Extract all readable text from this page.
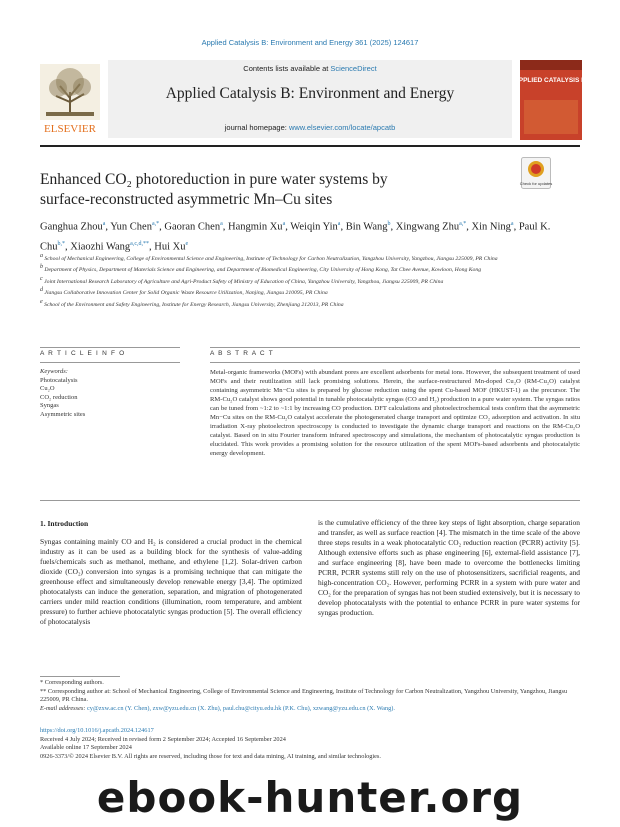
Applied Catalysis B: Environment and Energy 361 (2025) 124617
ELSEVIER
Contents lists available at ScienceDirect
Applied Catalysis B: Environment and Energy
journal homepage: www.elsevier.com/locate/apcatb
APPLIED CATALYSIS B:
Enhanced CO₂ photoreduction in pure water systems by
surface-reconstructed asymmetric Mn–Cu sites
Check for updates
Ganghua Zhou$^a$, Yun Chen$^{a,*}$, Gaoran Chen$^a$, Hangmin Xu$^a$, Weiqin Yin$^a$, Bin Wang$^b$, Xingwang Zhu$^{a,*}$, Xin Ning$^a$, Paul K. Chu$^{b,*}$, Xiaozhi Wang$^{a,c,d,**}$, Hui Xu$^e$
$^a$ School of Mechanical Engineering, College of Environmental Science and Engineering, Institute of Technology for Carbon Neutralization, Yangzhou University, Yangzhou, Jiangsu 225009, PR China
$^b$ Department of Physics, Department of Materials Science and Engineering, and Department of Biomedical Engineering, City University of Hong Kong, Tat Chee Avenue, Kowloon, Hong Kong
$^c$ Joint International Research Laboratory of Agriculture and Agri-Product Safety of Ministry of Education of China, Yangzhou University, Yangzhou, Jiangsu 225009, PR China
$^d$ Jiangsu Collaborative Innovation Center for Solid Organic Waste Resource Utilization, Nanjing, Jiangsu 210095, PR China
$^e$ School of the Environment and Safety Engineering, Institute for Energy Research, Jiangsu University, Zhenjiang 212013, PR China
A R T I C L E I N F O	A B S T R A C T
Keywords:
Photocatalysis
Cu₂O
CO₂ reduction
Syngas
Asymmetric sites
Metal-organic frameworks (MOFs) with abundant pores are excellent adsorbents for metal ions. However, the subsequent treatment of used MOFs and their reutilization still lack promising solutions. Herein, the surface-restructured Mn-doped Cu₂O (RM-Cu₂O) catalyst containing asymmetric Mn−Cu sites is prepared by glucose reduction using the spent Cu-based MOF (HKUST-1) as the precursor. The RM-Cu₂O catalyst shows good potential in tunable photocatalytic syngas (CO and H₂) production in a pure water system. The syngas ratios can be tuned from ~1:2 to ~1:1 by increasing CO production. DFT calculations and photoelectrochemical tests confirm that the asymmetric Mn−Cu sites on the RM-Cu₂O catalyst accelerate the photogenerated charge transport and optimize CO₂ adsorption and activation. In situ irradiation X-ray photoelectron spectroscopy is conducted to investigate the dynamic charge transport and reactions on the RM-Cu₂O catalyst. Based on in situ Fourier transform infrared spectroscopy and simulations, the mechanism of photocatalytic syngas production is elucidated. This work provides a promising solution for the resource utilization of the spent MOFs-based adsorbents and photocatalytic energy development.
1. Introduction
Syngas containing mainly CO and H₂ is considered a crucial product in the chemical industry as it can be used as a building block for the synthesis of value-adding fuels/chemicals such as methanol, methane, and ethylene [1,2]. Solar-driven carbon dioxide (CO₂) conversion into syngas is a promising technique that can mitigate the greenhouse effect and simultaneously develop renewable energy [3,4]. The optimized photocatalysts can induce the generation, separation, and migration of photogenerated carriers under mild reaction conditions (illumination, room temperature, and ambient pressure) to further achieve photocatalytic syngas production [5]. The overall efficiency of photocatalysis
is the cumulative efficiency of the three key steps of light absorption, charge separation and transfer, as well as surface reaction [4]. The mismatch in the time scale of the above three steps results in a weak photocatalytic CO₂ reduction reaction (PCRR) activity [5]. Although extensive efforts such as phase engineering [6], external-field assistance [7], and surface engineering [8], have been made to overcome the bottlenecks limiting PCRR, PCRR systems still rely on the use of photosensitizers, sacrificial reagents, and high-concentration CO₂. However, performing PCRR in a system with pure water and CO₂ for the preparation of syngas has not been studied extensively, but it is necessary to develop photocatalysts with the potential to enhance PCRR in pure water systems for syngas production.
* Corresponding authors.
** Corresponding author at: School of Mechanical Engineering, College of Environmental Science and Engineering, Institute of Technology for Carbon Neutralization, Yangzhou University, Yangzhou, Jiangsu 225009, PR China.
E-mail addresses: cy@zxw.ac.cn (Y. Chen), zxw@yzu.edu.cn (X. Zhu), paul.chu@cityu.edu.hk (P.K. Chu), xzwang@yzu.edu.cn (X. Wang).
https://doi.org/10.1016/j.apcatb.2024.124617
Received 4 July 2024; Received in revised form 2 September 2024; Accepted 16 September 2024
Available online 17 September 2024
0926-3373/© 2024 Elsevier B.V. All rights are reserved, including those for text and data mining, AI training, and similar technologies.
ebook-hunter.org
